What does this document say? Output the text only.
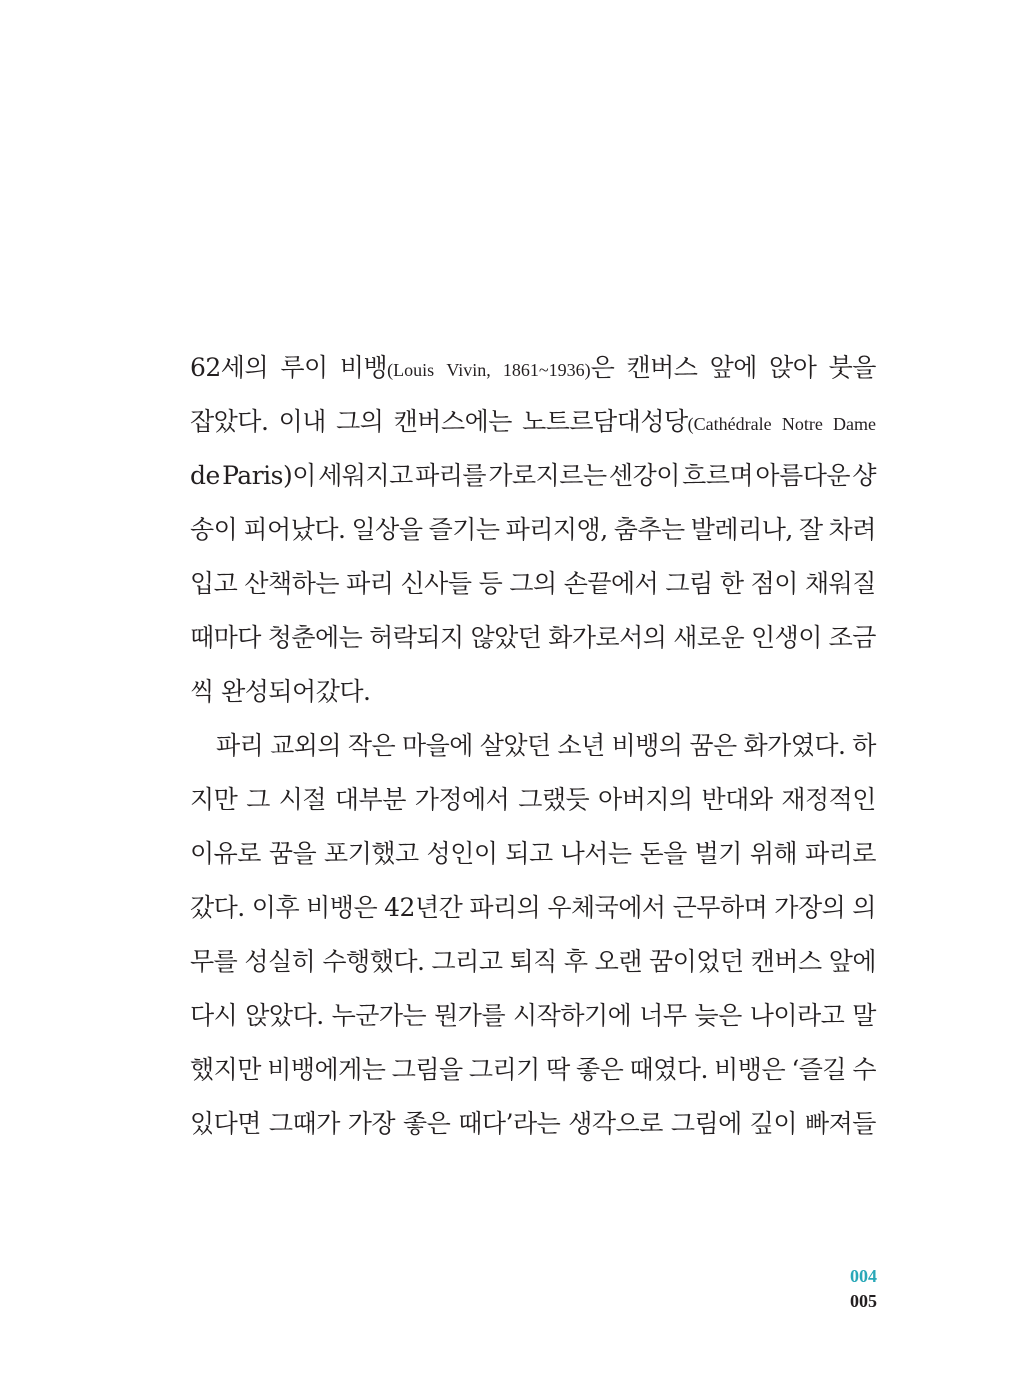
62세의 루이 비뱅(Louis Vivin, 1861~1936)은 캔버스 앞에 앉아 붓을
잡았다. 이내 그의 캔버스에는 노트르담대성당(Cathédrale Notre Dame
de Paris)이 세워지고 파리를 가로지르는 센강이 흐르며 아름다운 샹
송이 피어났다. 일상을 즐기는 파리지앵, 춤추는 발레리나, 잘 차려
입고 산책하는 파리 신사들 등 그의 손끝에서 그림 한 점이 채워질
때마다 청춘에는 허락되지 않았던 화가로서의 새로운 인생이 조금
씩 완성되어갔다.
파리 교외의 작은 마을에 살았던 소년 비뱅의 꿈은 화가였다. 하
지만 그 시절 대부분 가정에서 그랬듯 아버지의 반대와 재정적인
이유로 꿈을 포기했고 성인이 되고 나서는 돈을 벌기 위해 파리로
갔다. 이후 비뱅은 42년간 파리의 우체국에서 근무하며 가장의 의
무를 성실히 수행했다. 그리고 퇴직 후 오랜 꿈이었던 캔버스 앞에
다시 앉았다. 누군가는 뭔가를 시작하기에 너무 늦은 나이라고 말
했지만 비뱅에게는 그림을 그리기 딱 좋은 때였다. 비뱅은 ‘즐길 수
있다면 그때가 가장 좋은 때다’라는 생각으로 그림에 깊이 빠져들
004
005
